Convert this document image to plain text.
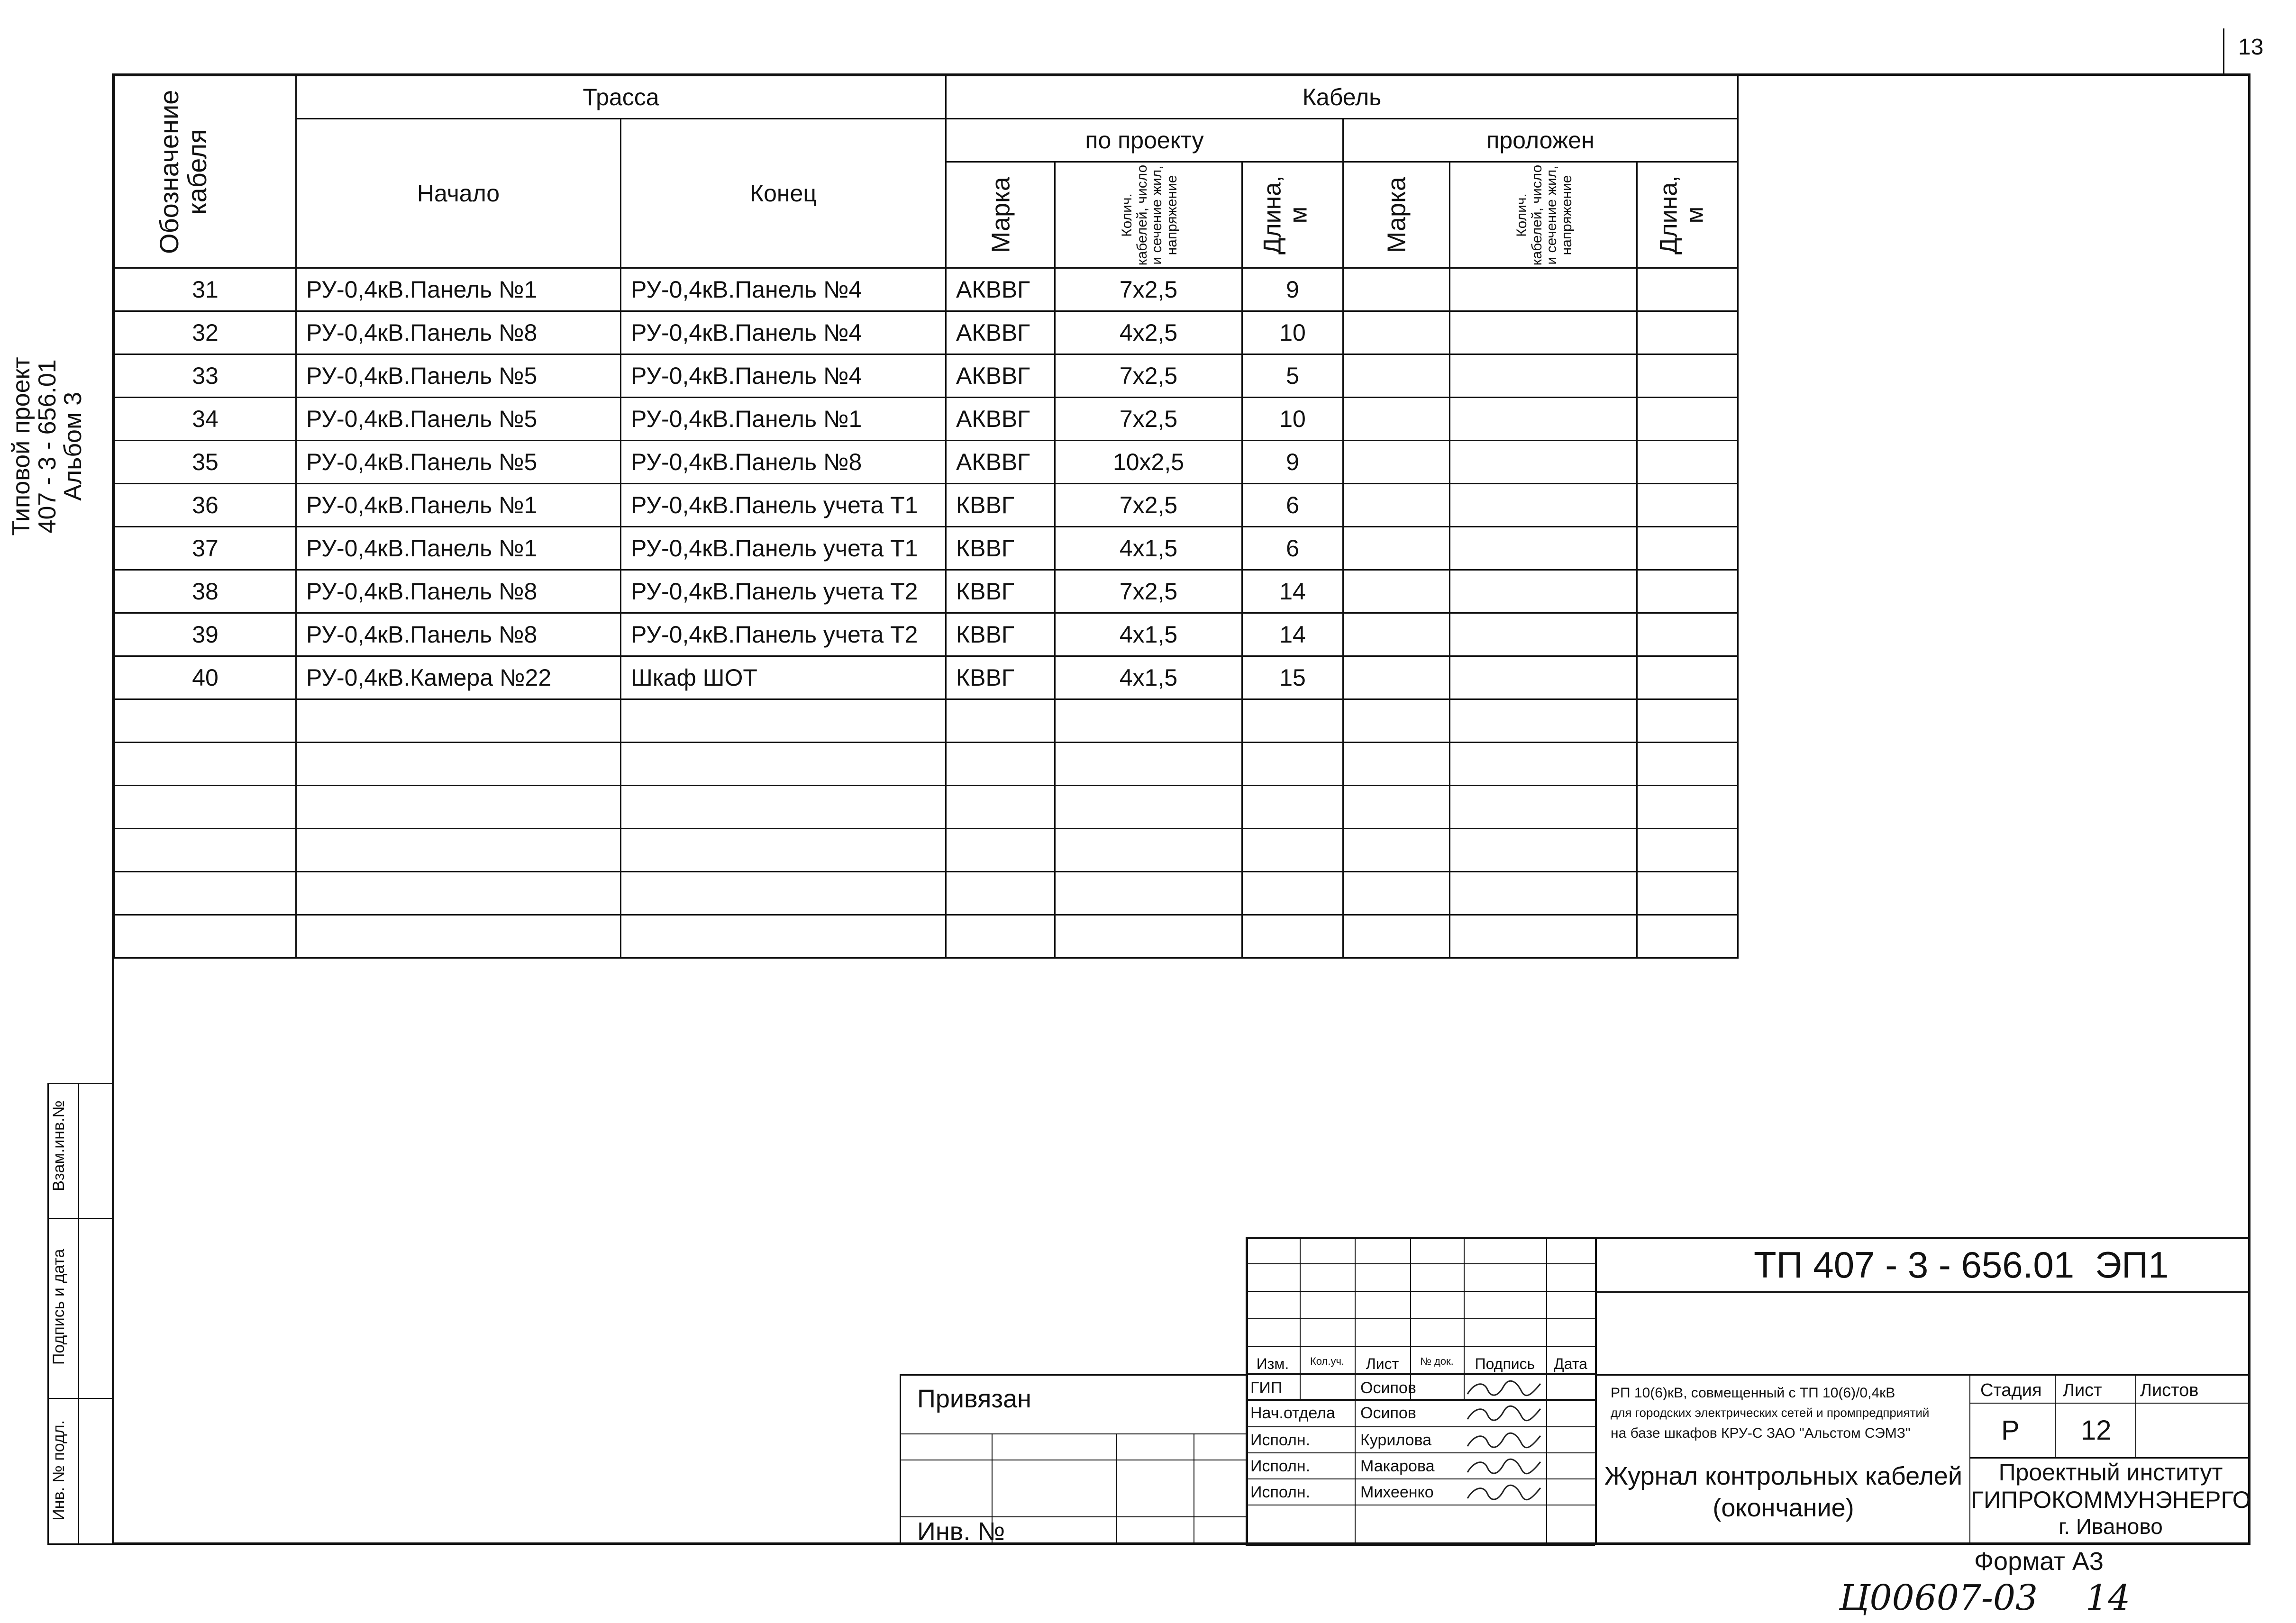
13
Типовой проект
407 - 3 - 656.01
Альбом 3
Взам.инв.№
Подпись и дата
Инв. № подл.
Обозначение кабеля	Трасса		Кабель					
	Начало	Конец	по проекту			проложен		

			Марка	Колич. кабелей, число и сечение жил, напряжение	Длина, м	Марка	Колич. кабелей, число и сечение жил, напряжение	Длина, м

31	РУ-0,4кВ.Панель №1	РУ-0,4кВ.Панель №4	АКВВГ	7x2,5	9			
32	РУ-0,4кВ.Панель №8	РУ-0,4кВ.Панель №4	АКВВГ	4x2,5	10			
33	РУ-0,4кВ.Панель №5	РУ-0,4кВ.Панель №4	АКВВГ	7x2,5	5			
34	РУ-0,4кВ.Панель №5	РУ-0,4кВ.Панель №1	АКВВГ	7x2,5	10			
35	РУ-0,4кВ.Панель №5	РУ-0,4кВ.Панель №8	АКВВГ	10x2,5	9			
36	РУ-0,4кВ.Панель №1	РУ-0,4кВ.Панель учета Т1	КВВГ	7x2,5	6			
37	РУ-0,4кВ.Панель №1	РУ-0,4кВ.Панель учета Т1	КВВГ	4x1,5	6			
38	РУ-0,4кВ.Панель №8	РУ-0,4кВ.Панель учета Т2	КВВГ	7x2,5	14			
39	РУ-0,4кВ.Панель №8	РУ-0,4кВ.Панель учета Т2	КВВГ	4x1,5	14			
40	РУ-0,4кВ.Камера №22	Шкаф ШОТ	КВВГ	4x1,5	15			

Изм.	Кол.уч.	Лист	№ док.	Подпись	Дата
ГИП	Осипов
Нач.отдела Осипов
Исполн.	Курилова
Исполн.	Макарова
Исполн.	Михеенко
ТП 407 - 3 - 656.01 ЭП1
РП 10(6)кВ, совмещенный с ТП 10(6)/0,4кВ
для городских электрических сетей и промпредприятий
на базе шкафов КРУ-С ЗАО "Альстом СЭМЗ"
Стадия Лист Листов
Р 12
Журнал контрольных кабелей
(окончание)
Проектный институт
ГИПРОКОММУНЭНЕРГО
г. Иваново
Привязан
Инв. №
Формат А3
Ц00607-03 14
